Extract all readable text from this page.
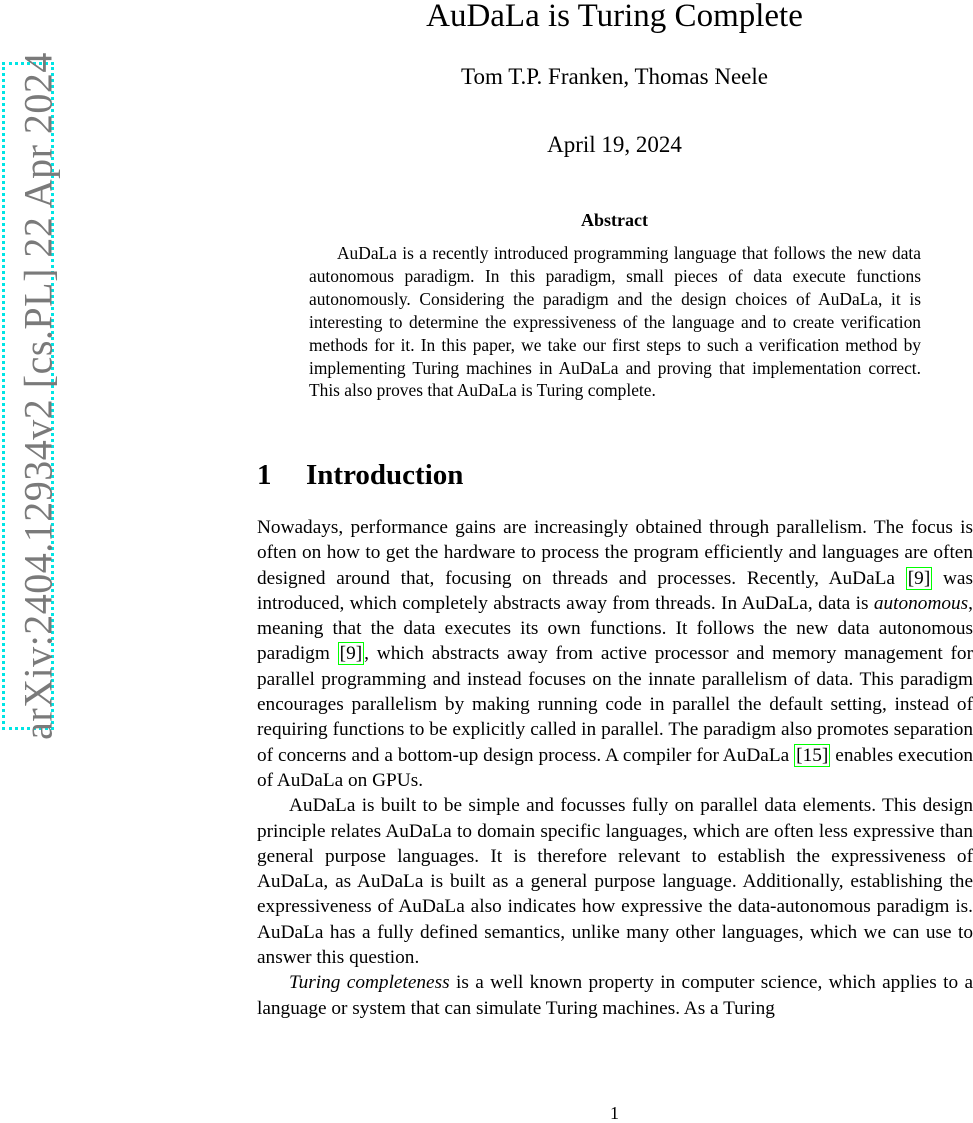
arXiv:2404.12934v2 [cs.PL] 22 Apr 2024
AuDaLa is Turing Complete
Tom T.P. Franken, Thomas Neele
April 19, 2024
Abstract

AuDaLa is a recently introduced programming language that follows the new data autonomous paradigm. In this paradigm, small pieces of data execute functions autonomously. Considering the paradigm and the design choices of AuDaLa, it is interesting to determine the expressiveness of the language and to create verification methods for it. In this paper, we take our first steps to such a verification method by implementing Turing machines in AuDaLa and proving that implementation correct. This also proves that AuDaLa is Turing complete.

1 Introduction

Nowadays, performance gains are increasingly obtained through parallelism. The focus is often on how to get the hardware to process the program efficiently and languages are often designed around that, focusing on threads and processes. Recently, AuDaLa [9] was introduced, which completely abstracts away from threads. In AuDaLa, data is autonomous, meaning that the data executes its own functions. It follows the new data autonomous paradigm [9] , which abstracts away from active processor and memory management for parallel programming and instead focuses on the innate parallelism of data. This paradigm encourages parallelism by making running code in parallel the default setting, instead of requiring functions to be explicitly called in parallel. The paradigm also promotes separation of concerns and a bottom-up design process. A compiler for AuDaLa [15] enables execution of AuDaLa on GPUs.

AuDaLa is built to be simple and focusses fully on parallel data elements. This design principle relates AuDaLa to domain specific languages, which are often less expressive than general purpose languages. It is therefore relevant to establish the expressiveness of AuDaLa, as AuDaLa is built as a general purpose language. Additionally, establishing the expressiveness of AuDaLa also indicates how expressive the data-autonomous paradigm is. AuDaLa has a fully defined semantics, unlike many other languages, which we can use to answer this question.

Turing completeness is a well known property in computer science, which applies to a language or system that can simulate Turing machines. As a Turing

1
